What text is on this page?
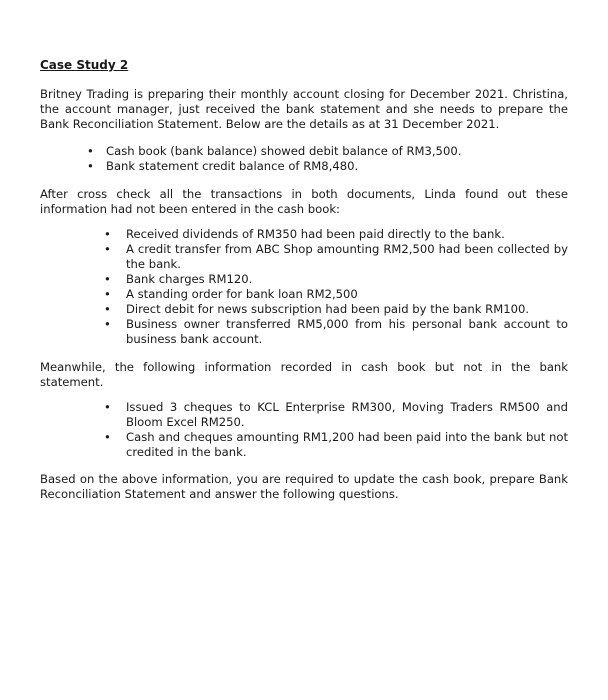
Case Study 2

Britney Trading is preparing their monthly account closing for December 2021. Christina, the account manager, just received the bank statement and she needs to prepare the Bank Reconciliation Statement. Below are the details as at 31 December 2021.

• Cash book (bank balance) showed debit balance of RM3,500.
• Bank statement credit balance of RM8,480.

After cross check all the transactions in both documents, Linda found out these information had not been entered in the cash book:

• Received dividends of RM350 had been paid directly to the bank.
• A credit transfer from ABC Shop amounting RM2,500 had been collected by the bank.
• Bank charges RM120.
• A standing order for bank loan RM2,500
• Direct debit for news subscription had been paid by the bank RM100.
• Business owner transferred RM5,000 from his personal bank account to business bank account.

Meanwhile, the following information recorded in cash book but not in the bank statement.

• Issued 3 cheques to KCL Enterprise RM300, Moving Traders RM500 and Bloom Excel RM250.
• Cash and cheques amounting RM1,200 had been paid into the bank but not credited in the bank.

Based on the above information, you are required to update the cash book, prepare Bank Reconciliation Statement and answer the following questions.
